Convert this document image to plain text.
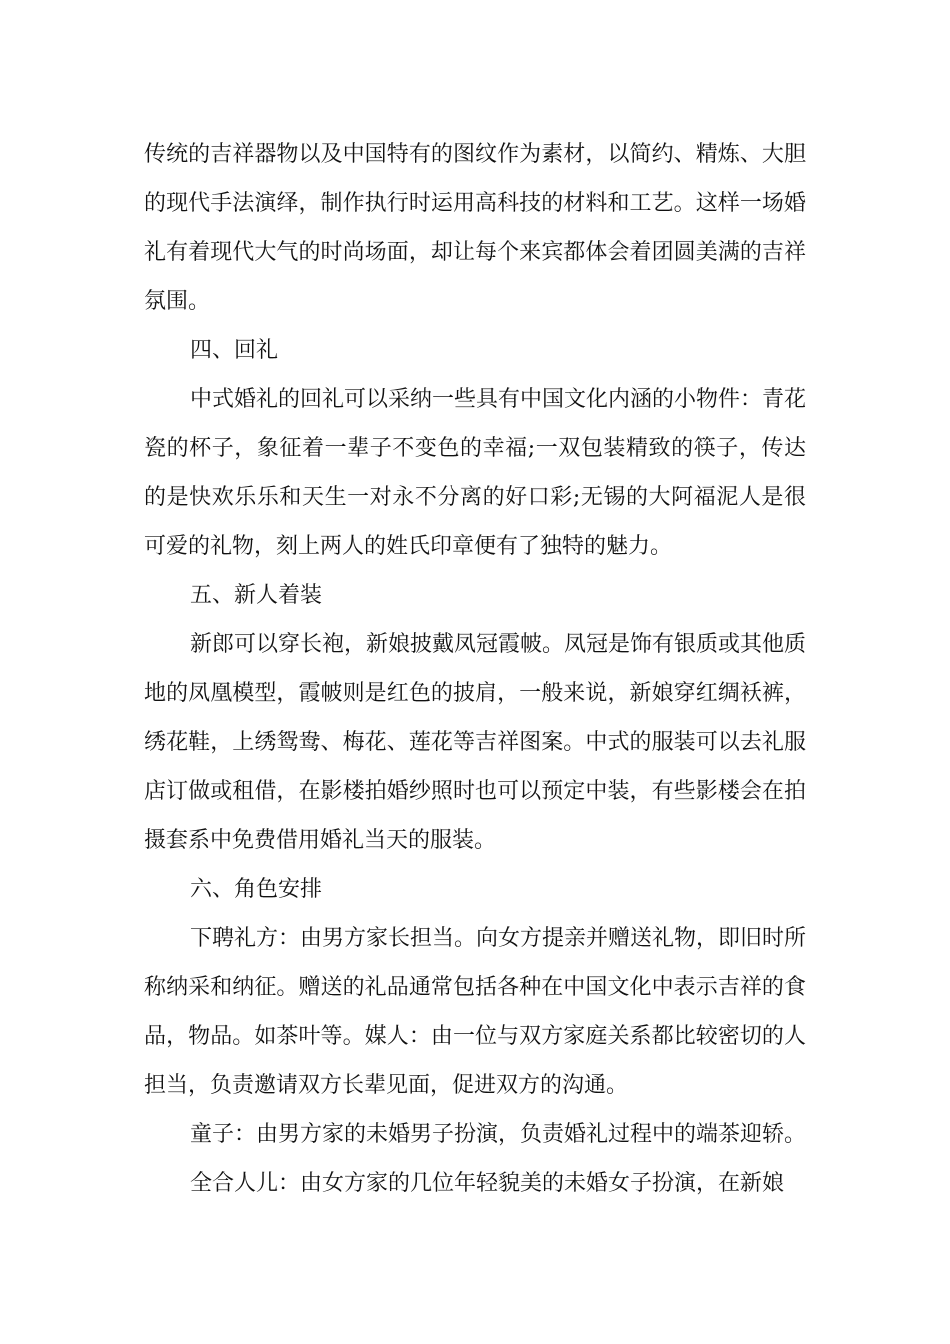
传统的吉祥器物以及中国特有的图纹作为素材，以简约、精炼、大胆的现代手法演绎，制作执行时运用高科技的材料和工艺。这样一场婚礼有着现代大气的时尚场面，却让每个来宾都体会着团圆美满的吉祥氛围。

四、回礼

中式婚礼的回礼可以采纳一些具有中国文化内涵的小物件：青花瓷的杯子，象征着一辈子不变色的幸福;一双包装精致的筷子，传达的是快欢乐乐和天生一对永不分离的好口彩;无锡的大阿福泥人是很可爱的礼物，刻上两人的姓氏印章便有了独特的魅力。

五、新人着装

新郎可以穿长袍，新娘披戴凤冠霞帔。凤冠是饰有银质或其他质地的凤凰模型，霞帔则是红色的披肩，一般来说，新娘穿红绸袄裤，绣花鞋，上绣鸳鸯、梅花、莲花等吉祥图案。中式的服装可以去礼服店订做或租借，在影楼拍婚纱照时也可以预定中装，有些影楼会在拍摄套系中免费借用婚礼当天的服装。

六、角色安排

下聘礼方：由男方家长担当。向女方提亲并赠送礼物，即旧时所称纳采和纳征。赠送的礼品通常包括各种在中国文化中表示吉祥的食品，物品。如茶叶等。媒人：由一位与双方家庭关系都比较密切的人担当，负责邀请双方长辈见面，促进双方的沟通。

童子：由男方家的未婚男子扮演，负责婚礼过程中的端茶迎轿。

全合人儿：由女方家的几位年轻貌美的未婚女子扮演，在新娘
